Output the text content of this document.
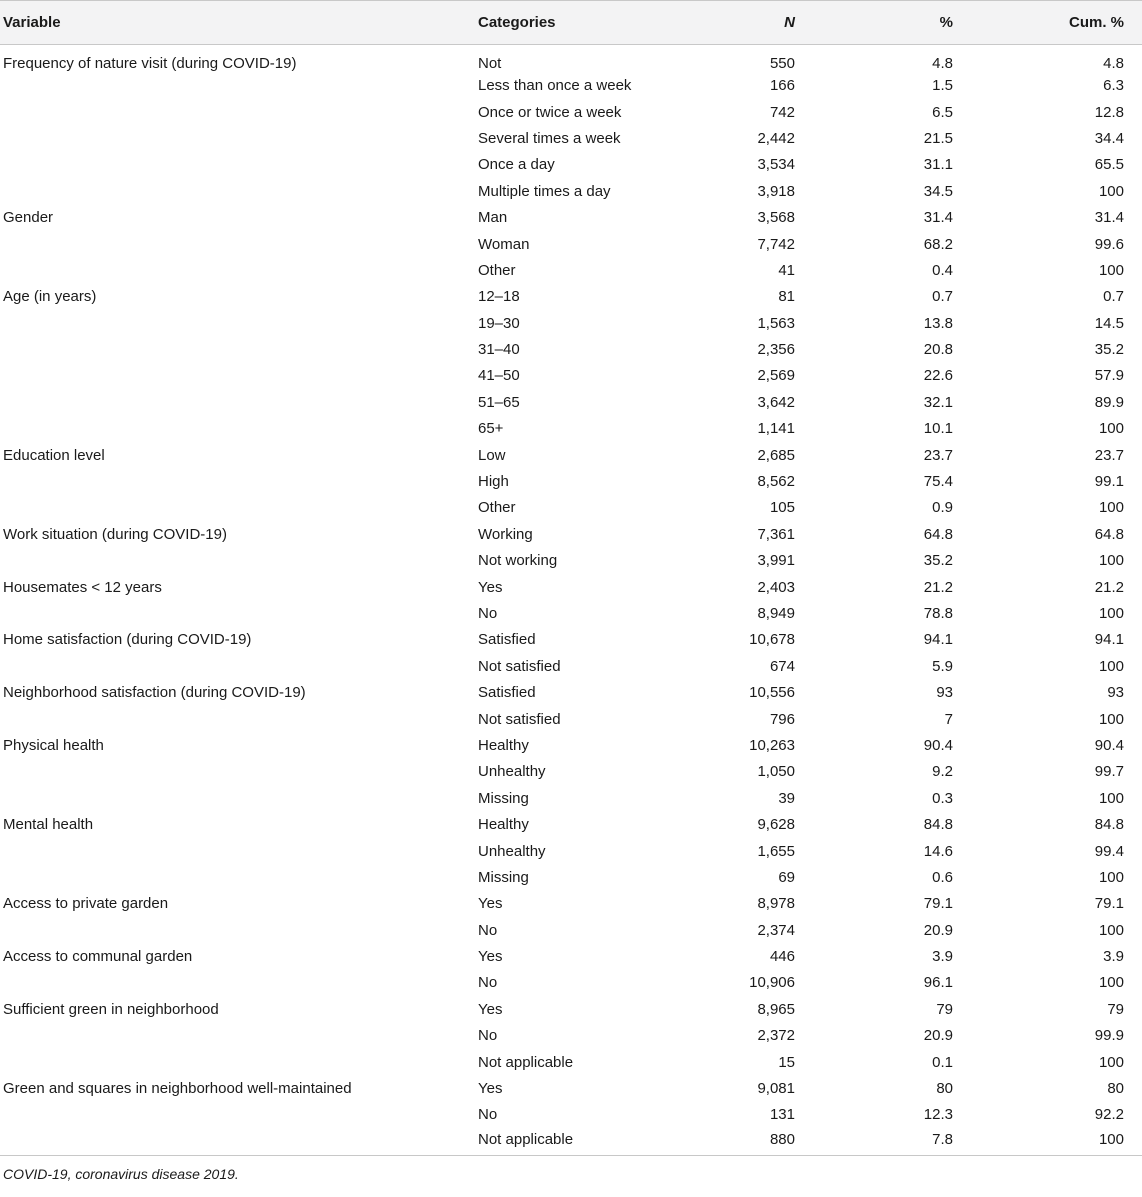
Variable	Categories	N	%	Cum. %
Frequency of nature visit (during COVID-19)	Not	550	4.8	4.8
	Less than once a week	166	1.5	6.3
	Once or twice a week	742	6.5	12.8
	Several times a week	2,442	21.5	34.4
	Once a day	3,534	31.1	65.5
	Multiple times a day	3,918	34.5	100
Gender	Man	3,568	31.4	31.4
	Woman	7,742	68.2	99.6
	Other	41	0.4	100
Age (in years)	12–18	81	0.7	0.7
	19–30	1,563	13.8	14.5
	31–40	2,356	20.8	35.2
	41–50	2,569	22.6	57.9
	51–65	3,642	32.1	89.9
	65+	1,141	10.1	100
Education level	Low	2,685	23.7	23.7
	High	8,562	75.4	99.1
	Other	105	0.9	100
Work situation (during COVID-19)	Working	7,361	64.8	64.8
	Not working	3,991	35.2	100
Housemates < 12 years	Yes	2,403	21.2	21.2
	No	8,949	78.8	100
Home satisfaction (during COVID-19)	Satisfied	10,678	94.1	94.1
	Not satisfied	674	5.9	100
Neighborhood satisfaction (during COVID-19)	Satisfied	10,556	93	93
	Not satisfied	796	7	100
Physical health	Healthy	10,263	90.4	90.4
	Unhealthy	1,050	9.2	99.7
	Missing	39	0.3	100
Mental health	Healthy	9,628	84.8	84.8
	Unhealthy	1,655	14.6	99.4
	Missing	69	0.6	100
Access to private garden	Yes	8,978	79.1	79.1
	No	2,374	20.9	100
Access to communal garden	Yes	446	3.9	3.9
	No	10,906	96.1	100
Sufficient green in neighborhood	Yes	8,965	79	79
	No	2,372	20.9	99.9
	Not applicable	15	0.1	100
Green and squares in neighborhood well-maintained	Yes	9,081	80	80
	No	131	12.3	92.2
	Not applicable	880	7.8	100
COVID-19, coronavirus disease 2019.
